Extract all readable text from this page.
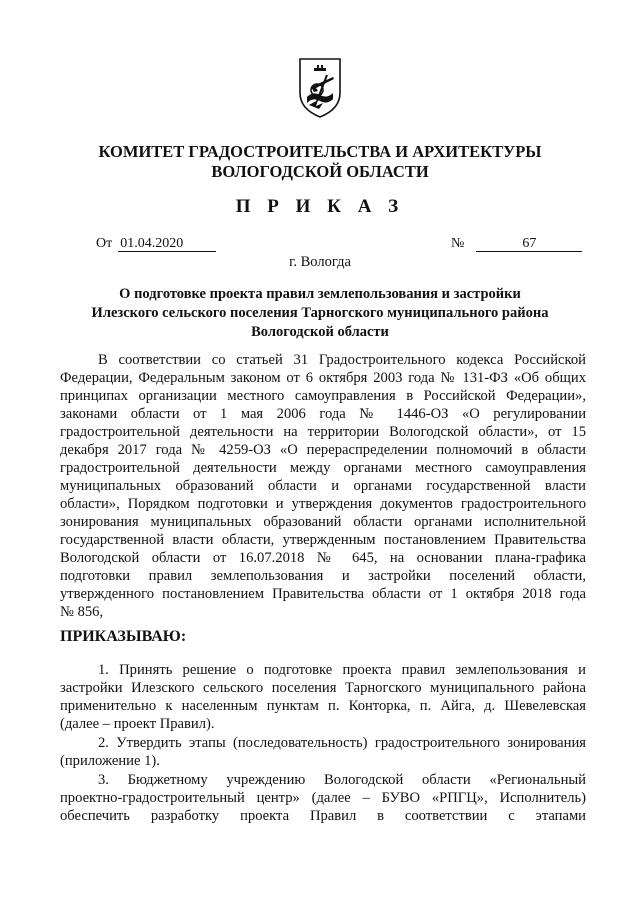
КОМИТЕТ ГРАДОСТРОИТЕЛЬСТВА И АРХИТЕКТУРЫ
ВОЛОГОДСКОЙ ОБЛАСТИ
П Р И К А З
От 01.04.2020	№	67
г. Вологда
О подготовке проекта правил землепользования и застройки
Илезского сельского поселения Тарногского муниципального района
Вологодской области
В соответствии со статьей 31 Градостроительного кодекса Российской
Федерации, Федеральным законом от 6 октября 2003 года № 131-ФЗ «Об общих
принципах организации местного самоуправления в Российской Федерации»,
законами области от 1 мая 2006 года № 1446-ОЗ «О регулировании
градостроительной деятельности на территории Вологодской области», от 15
декабря 2017 года № 4259-ОЗ «О перераспределении полномочий в области
градостроительной деятельности между органами местного самоуправления
муниципальных образований области и органами государственной власти
области», Порядком подготовки и утверждения документов градостроительного
зонирования муниципальных образований области органами исполнительной
государственной власти области, утвержденным постановлением Правительства
Вологодской области от 16.07.2018 № 645, на основании плана-графика
подготовки правил землепользования и застройки поселений области,
утвержденного постановлением Правительства области от 1 октября 2018 года
№ 856,
ПРИКАЗЫВАЮ:
1. Принять решение о подготовке проекта правил землепользования и
застройки Илезского сельского поселения Тарногского муниципального района
применительно к населенным пунктам п. Конторка, п. Айга, д. Шевелевская
(далее – проект Правил).
2. Утвердить этапы (последовательность) градостроительного зонирования
(приложение 1).
3. Бюджетному учреждению Вологодской области «Региональный
проектно-градостроительный центр» (далее – БУВО «РПГЦ», Исполнитель)
обеспечить разработку проекта Правил в соответствии с этапами
